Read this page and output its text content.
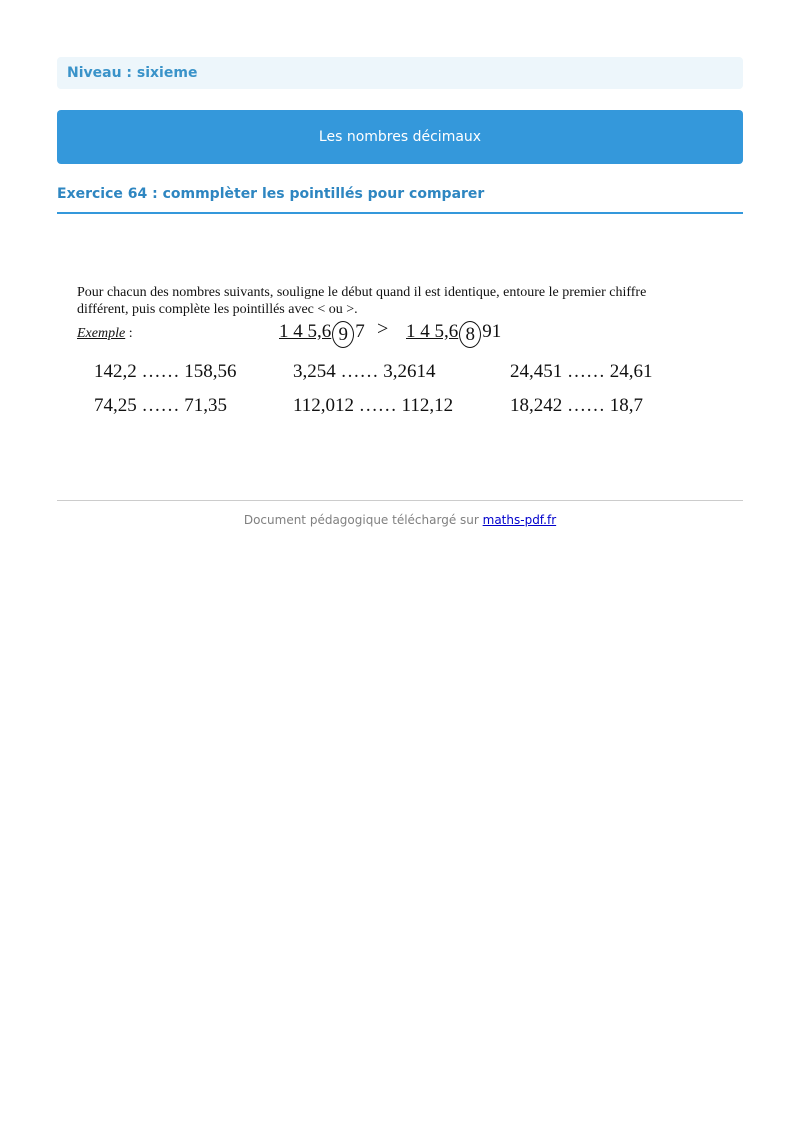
Niveau : sixieme
Les nombres décimaux
Exercice 64 : commplèter les pointillés pour comparer
Pour chacun des nombres suivants, souligne le début quand il est identique, entoure le premier chiffre différent, puis complète les pointillés avec < ou >.
Exemple :	1 4 5,6 9 7 > 1 4 5,6 8 91
142,2 …… 158,56	3,254 …… 3,2614	24,451 …… 24,61
74,25 …… 71,35	112,012 …… 112,12	18,242 …… 18,7
Document pédagogique téléchargé sur maths-pdf.fr
